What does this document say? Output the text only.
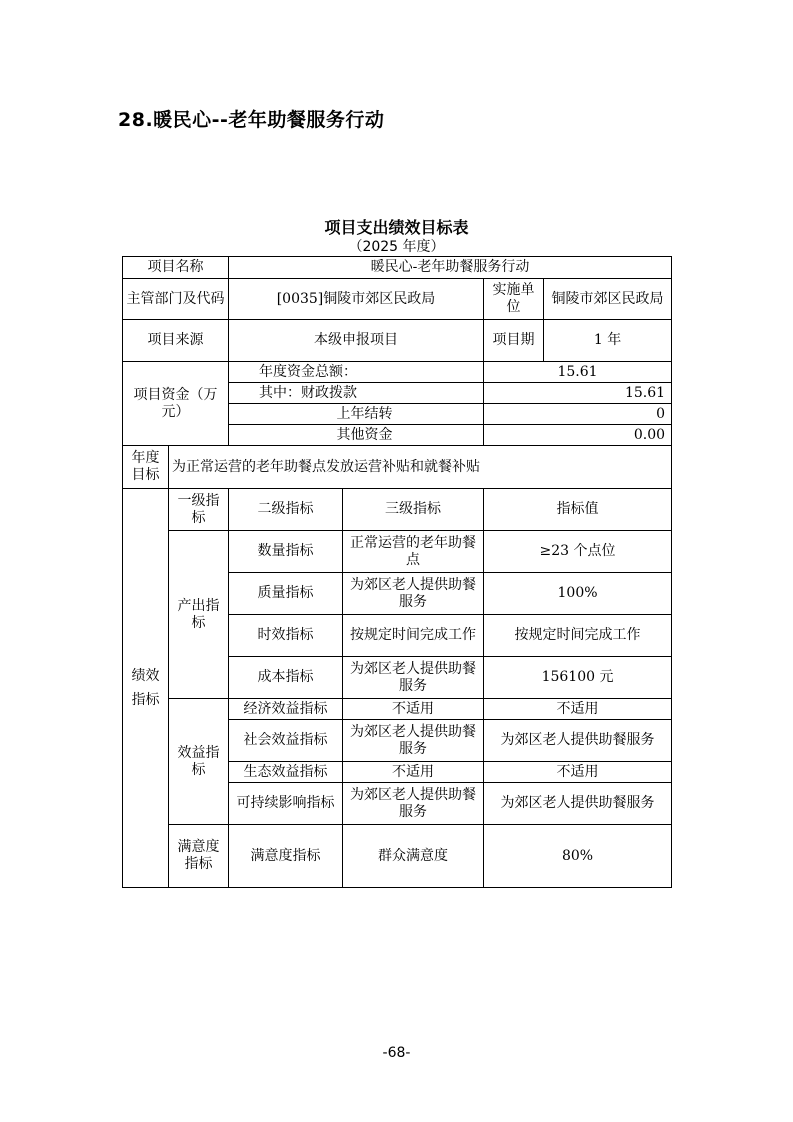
28.暖民心--老年助餐服务行动
项目支出绩效目标表
（2025 年度）
项目名称		暖民心-老年助餐服务行动			
主管部门及代码		[0035]铜陵市郊区民政局		实施单位	铜陵市郊区民政局
项目来源		本级申报项目		项目期	1 年
项目资金（万元）		年度资金总额：		15.61	
		其中：财政拨款		15.61	
		上年结转		0	
		其他资金		0.00	
年度目标	为正常运营的老年助餐点发放运营补贴和就餐补贴				
绩效指标	一级指标	二级指标	三级指标	指标值	
	产出指标	数量指标	正常运营的老年助餐点	≥23 个点位	
		质量指标	为郊区老人提供助餐服务	100%	
		时效指标	按规定时间完成工作	按规定时间完成工作	
		成本指标	为郊区老人提供助餐服务	156100 元	
	效益指标	经济效益指标	不适用	不适用	
		社会效益指标	为郊区老人提供助餐服务	为郊区老人提供助餐服务	
		生态效益指标	不适用	不适用	
		可持续影响指标	为郊区老人提供助餐服务	为郊区老人提供助餐服务	
	满意度指标	满意度指标	群众满意度	80%	
-68-
